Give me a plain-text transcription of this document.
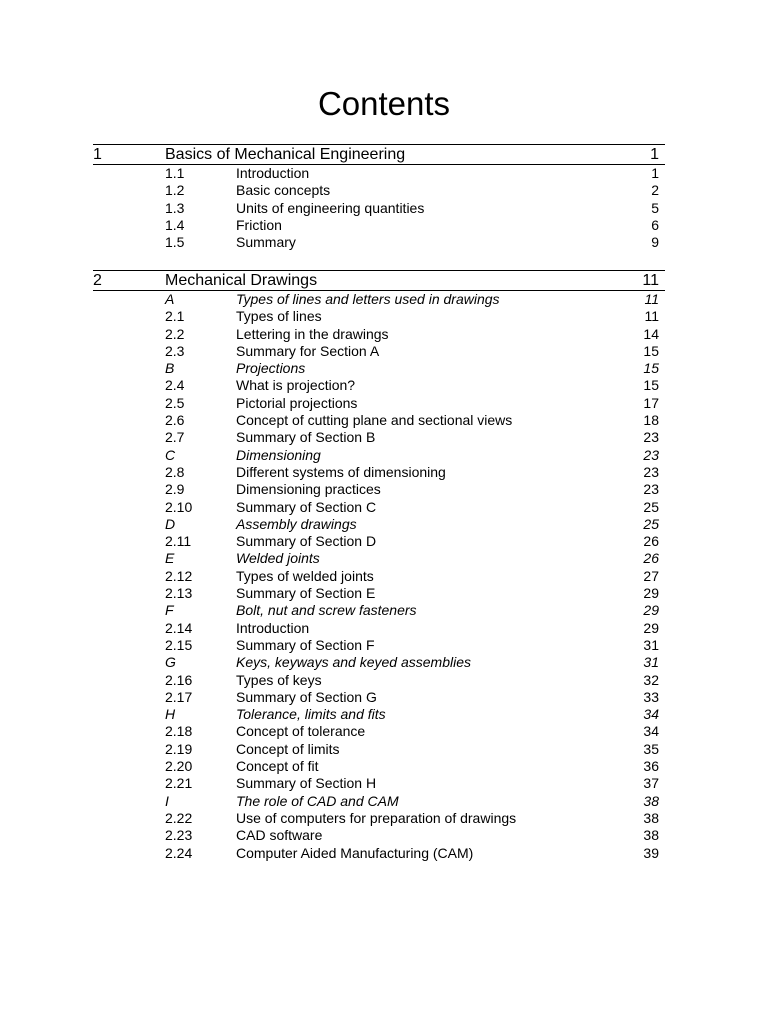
Contents
1	Basics of Mechanical Engineering	1
1.1	Introduction	1
1.2	Basic concepts	2
1.3	Units of engineering quantities	5
1.4	Friction	6
1.5	Summary	9
2	Mechanical Drawings	11
A	Types of lines and letters used in drawings	11
2.1	Types of lines	11
2.2	Lettering in the drawings	14
2.3	Summary for Section A	15
B	Projections	15
2.4	What is projection?	15
2.5	Pictorial projections	17
2.6	Concept of cutting plane and sectional views	18
2.7	Summary of Section B	23
C	Dimensioning	23
2.8	Different systems of dimensioning	23
2.9	Dimensioning practices	23
2.10	Summary of Section C	25
D	Assembly drawings	25
2.11	Summary of Section D	26
E	Welded joints	26
2.12	Types of welded joints	27
2.13	Summary of Section E	29
F	Bolt, nut and screw fasteners	29
2.14	Introduction	29
2.15	Summary of Section F	31
G	Keys, keyways and keyed assemblies	31
2.16	Types of keys	32
2.17	Summary of Section G	33
H	Tolerance, limits and fits	34
2.18	Concept of tolerance	34
2.19	Concept of limits	35
2.20	Concept of fit	36
2.21	Summary of Section H	37
I	The role of CAD and CAM	38
2.22	Use of computers for preparation of drawings	38
2.23	CAD software	38
2.24	Computer Aided Manufacturing (CAM)	39
